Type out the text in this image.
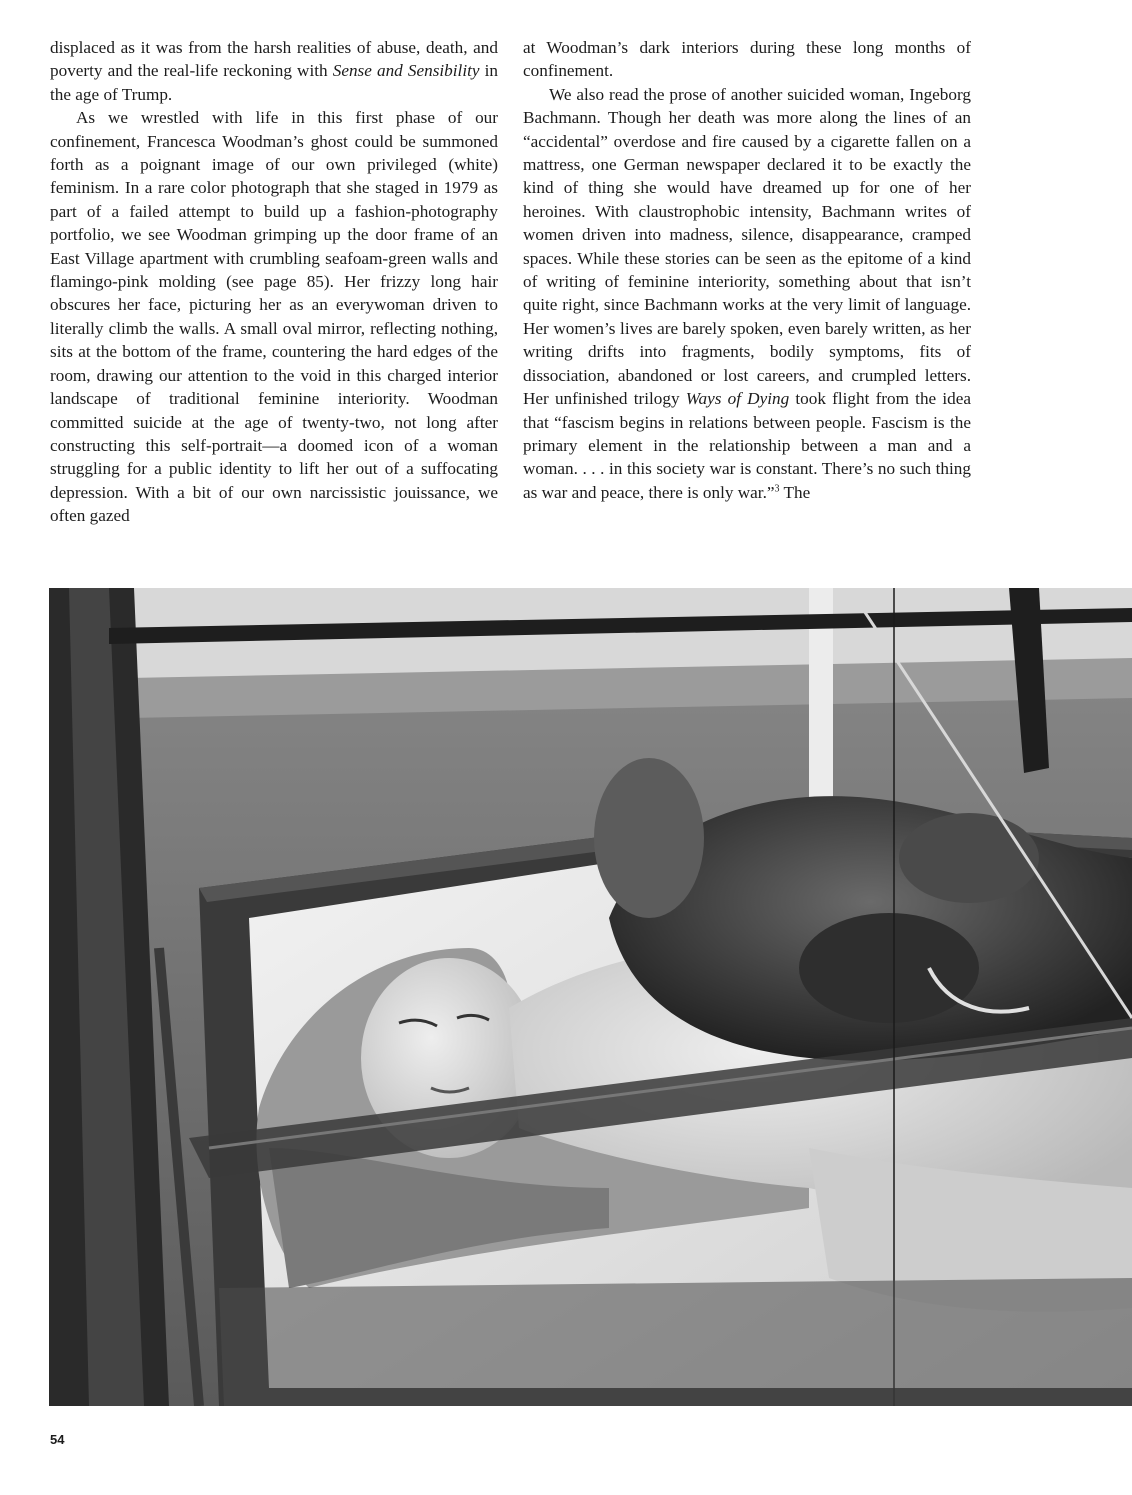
displaced as it was from the harsh realities of abuse, death, and poverty and the real-life reckoning with Sense and Sensibility in the age of Trump.

As we wrestled with life in this first phase of our confinement, Francesca Woodman’s ghost could be summoned forth as a poignant image of our own privileged (white) feminism. In a rare color photograph that she staged in 1979 as part of a failed attempt to build up a fashion-photography portfolio, we see Woodman grimping up the door frame of an East Village apartment with crumbling seafoam-green walls and flamingo-pink molding (see page 85). Her frizzy long hair obscures her face, picturing her as an everywoman driven to literally climb the walls. A small oval mirror, reflecting nothing, sits at the bottom of the frame, countering the hard edges of the room, drawing our attention to the void in this charged interior landscape of traditional feminine interiority. Woodman committed suicide at the age of twenty-two, not long after constructing this self-portrait—a doomed icon of a woman struggling for a public identity to lift her out of a suffocating depression. With a bit of our own narcissistic jouissance, we often gazed

at Woodman’s dark interiors during these long months of confinement.

We also read the prose of another suicided woman, Ingeborg Bachmann. Though her death was more along the lines of an “accidental” overdose and fire caused by a cigarette fallen on a mattress, one German newspaper declared it to be exactly the kind of thing she would have dreamed up for one of her heroines. With claustrophobic intensity, Bachmann writes of women driven into madness, silence, disappearance, cramped spaces. While these stories can be seen as the epitome of a kind of writing of feminine interiority, something about that isn’t quite right, since Bachmann works at the very limit of language. Her women’s lives are barely spoken, even barely written, as her writing drifts into fragments, bodily symptoms, fits of dissociation, abandoned or lost careers, and crumpled letters. Her unfinished trilogy Ways of Dying took flight from the idea that “fascism begins in relations between people. Fascism is the primary element in the relationship between a man and a woman. . . . in this society war is constant. There’s no such thing as war and peace, there is only war.”$^3$ The

54
